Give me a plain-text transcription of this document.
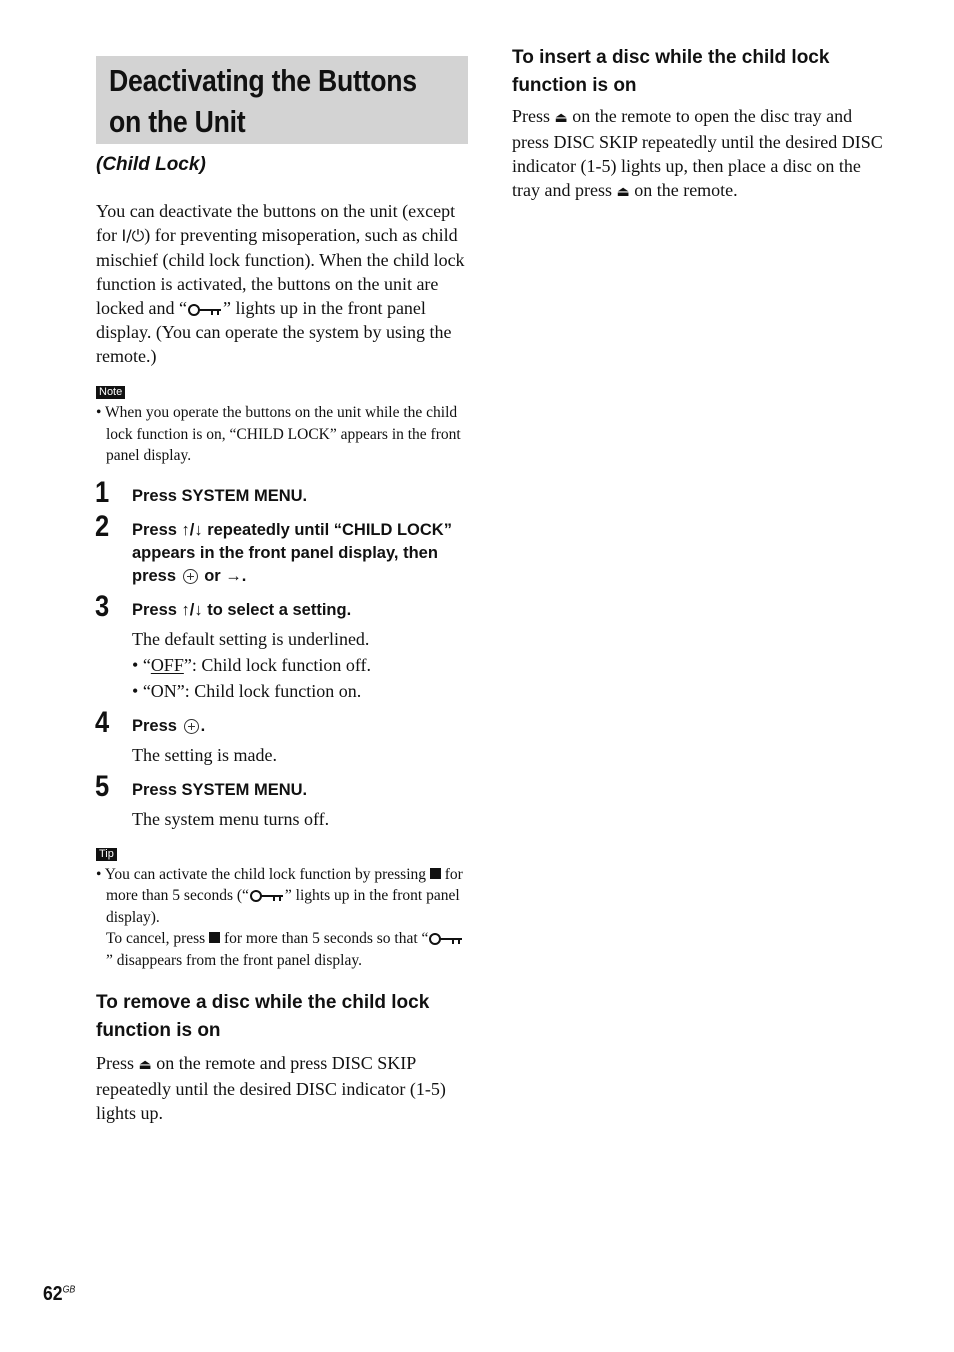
Deactivating the Buttons
on the Unit
(Child Lock)

You can deactivate the buttons on the unit (except for I/⏻) for preventing misoperation, such as child mischief (child lock function). When the child lock function is activated, the buttons on the unit are locked and “ ” lights up in the front panel display. (You can operate the system by using the remote.)

Note

• When you operate the buttons on the unit while the child lock function is on, “CHILD LOCK” appears in the front panel display.

1 Press SYSTEM MENU.

2 Press ↑/↓ repeatedly until “CHILD LOCK” appears in the front panel display, then press or →.

3 Press ↑/↓ to select a setting.

The default setting is underlined.

• “OFF”: Child lock function off.

• “ON”: Child lock function on.

4 Press .

The setting is made.

5 Press SYSTEM MENU.

The system menu turns off.

Tip

• You can activate the child lock function by pressing for more than 5 seconds (“ ” lights up in the front panel display).

To cancel, press for more than 5 seconds so that “” disappears from the front panel display.

To remove a disc while the child lock function is on

Press ⏏ on the remote and press DISC SKIP repeatedly until the desired DISC indicator (1-5) lights up.

To insert a disc while the child lock function is on

Press ⏏ on the remote to open the disc tray and press DISC SKIP repeatedly until the desired DISC indicator (1-5) lights up, then place a disc on the tray and press ⏏ on the remote.

$62^{GB}$
